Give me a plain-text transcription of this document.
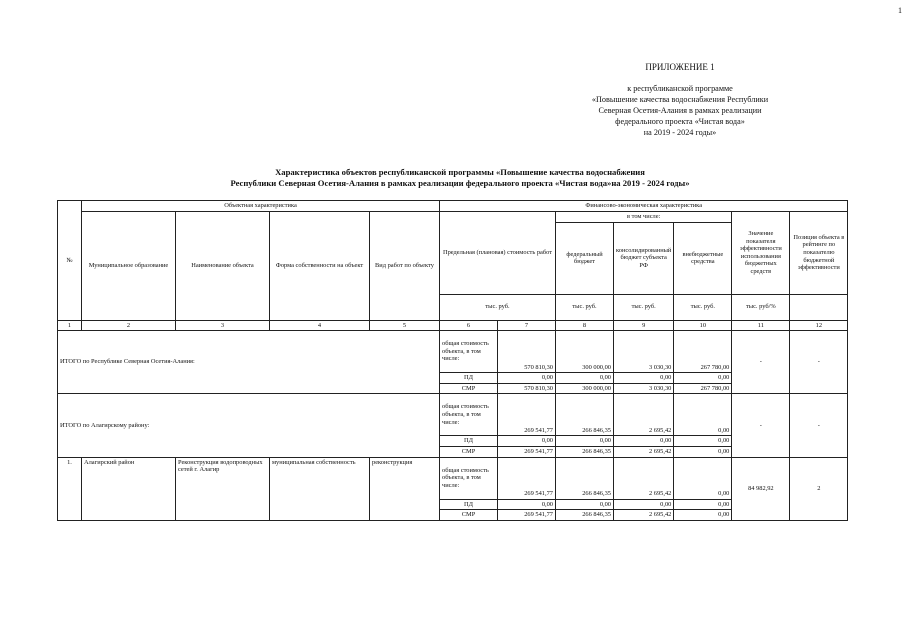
1
ПРИЛОЖЕНИЕ 1
к республиканской программе
«Повышение качества водоснабжения Республики
Северная Осетия-Алания в рамках реализации
федерального проекта «Чистая вода»
на 2019 - 2024 годы»
Характеристика объектов республиканской программы «Повышение качества водоснабжения
Республики Северная Осетия-Алания в рамках реализации федерального проекта «Чистая вода»на 2019 - 2024 годы»
№	Объектная характеристика				Финансово-экономическая характеристика						
	Муниципальное образование	Наименование объекта	Форма собственности на объект	Вид работ по объекту	Предельная (плановая) стоимость работ		в том числе:			Значение показателя эффективности использования бюджетных средств	Позиция объекта в рейтинге по показателю бюджетной эффективности
							федеральный бюджет	консолидированный бюджет субъекта РФ	внебюджетные средства		
					тыс. руб.		тыс. руб.	тыс. руб.	тыс. руб.	тыс. руб/%	
1	2	3	4	5	6	7	8	9	10	11	12
ИТОГО по Республике Северная Осетия-Алания:					общая стоимость объекта, в том числе:	570 810,30	300 000,00	3 030,30	267 780,00	-	-
					ПД	0,00	0,00	0,00	0,00		
					СМР	570 810,30	300 000,00	3 030,30	267 780,00		
ИТОГО по Алагирскому району:					общая стоимость объекта, в том числе:	269 541,77	266 846,35	2 695,42	0,00	-	-
					ПД	0,00	0,00	0,00	0,00		
					СМР	269 541,77	266 846,35	2 695,42	0,00		
1.	Алагирский район	Реконструкция водопроводных сетей г. Алагир	муниципальная собственность	реконструкция	общая стоимость объекта, в том числе:	269 541,77	266 846,35	2 695,42	0,00	84 982,92	2
					ПД	0,00	0,00	0,00	0,00		
					СМР	269 541,77	266 846,35	2 695,42	0,00		
